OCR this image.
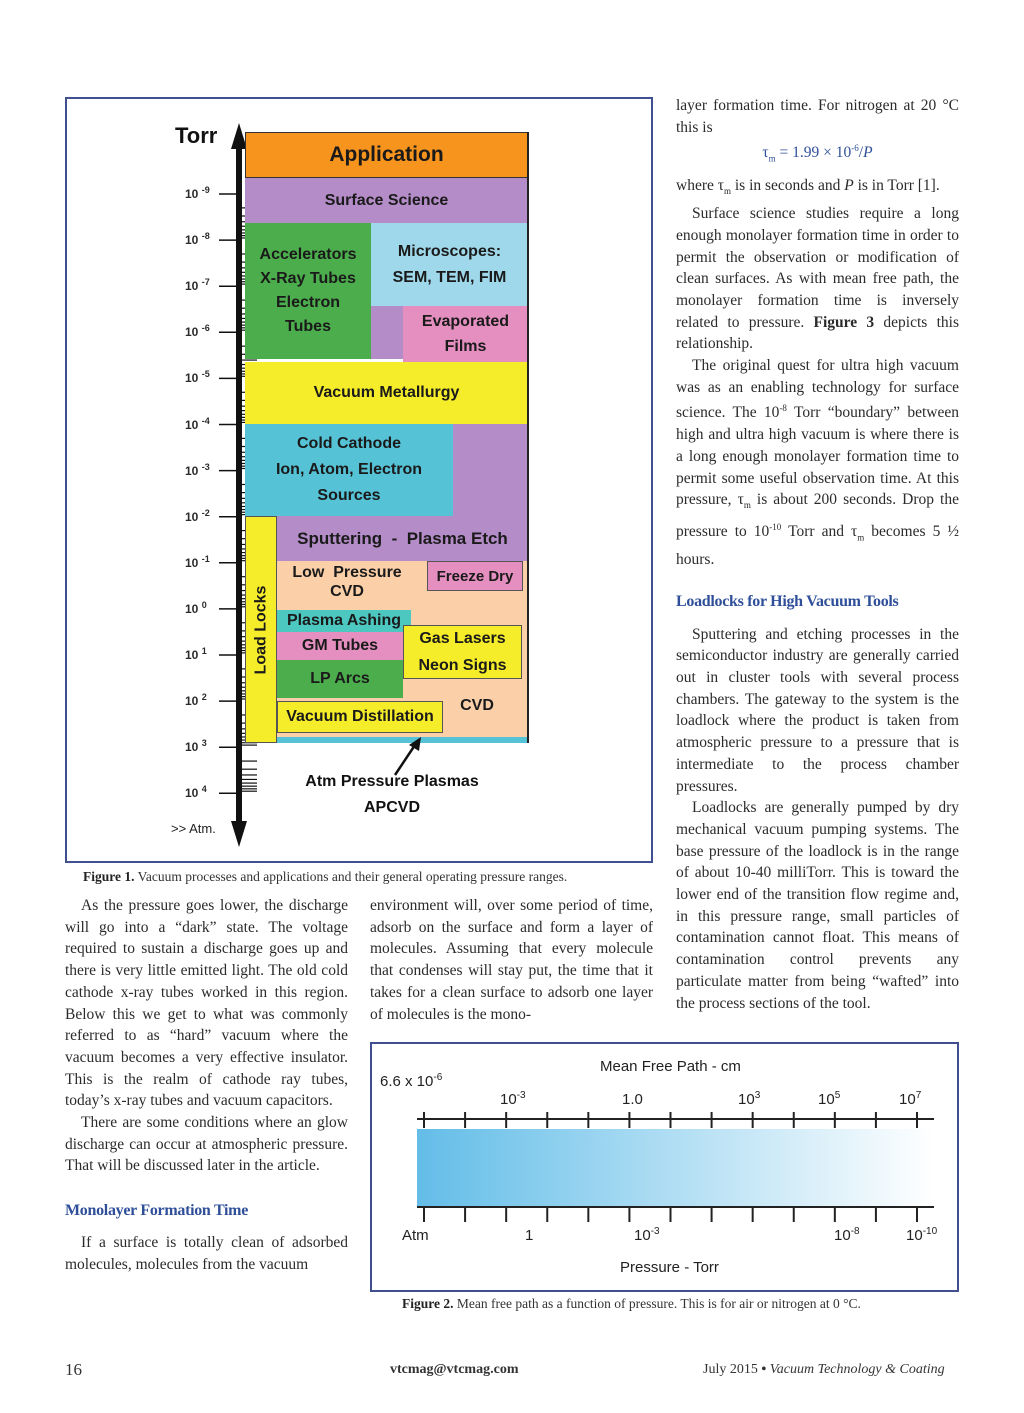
Torr
10 $^{-9}$
10 $^{-8}$
10 $^{-7}$
10 $^{-6}$
10 $^{-5}$
10 $^{-4}$
10 $^{-3}$
10 $^{-2}$
10 $^{-1}$
10 $^0$
10 $^1$
10 $^2$
10 $^3$
10 $^4$
>> Atm.
Application
Surface Science
Accelerators
X-Ray Tubes
Electron
Tubes
Microscopes:
SEM, TEM, FIM
Evaporated
Films
Vacuum Metallurgy
Cold Cathode
Ion, Atom, Electron
Sources
Sputtering  -  Plasma Etch
Low  Pressure
CVD
Freeze Dry
Plasma Ashing
GM Tubes	Gas Lasers
Neon Signs
LP Arcs
CVD
Vacuum Distillation
Load Locks
Atm Pressure Plasmas
APCVD
Figure 1. Vacuum processes and applications and their general operating pressure ranges.

As the pressure goes lower, the discharge will go into a “dark” state. The voltage required to sustain a discharge goes up and there is very little emitted light. The old cold cathode x-ray tubes worked in this region. Below this we get to what was commonly referred to as “hard” vacuum where the vacuum becomes a very effective insulator. This is the realm of cathode ray tubes, today’s x-ray tubes and vacuum capacitors.

There are some conditions where an glow discharge can occur at atmospheric pressure. That will be discussed later in the article.

Monolayer Formation Time

If a surface is totally clean of adsorbed molecules, molecules from the vacuum

environment will, over some period of time, adsorb on the surface and form a layer of molecules. Assuming that every molecule that condenses will stay put, the time that it takes for a clean surface to adsorb one layer of molecules is the mono-

layer formation time. For nitrogen at 20 °C this is

$\tau_m = 1.99 \times 10^{-6}/P$

where $\tau_m$ is in seconds and P is in Torr [1].

Surface science studies require a long enough monolayer formation time in order to permit the observation or modification of clean surfaces. As with mean free path, the monolayer formation time is inversely related to pressure. Figure 3 depicts this relationship.

The original quest for ultra high vacuum was as an enabling technology for surface science. The $10^{-8}$ Torr “boundary” between high and ultra high vacuum is where there is a long enough monolayer formation time to permit some useful observation time. At this pressure, $\tau_m$ is about 200 seconds. Drop the pressure to $10^{-10}$ Torr and $\tau_m$ becomes 5 ½ hours.

Loadlocks for High Vacuum Tools

Sputtering and etching processes in the semiconductor industry are generally carried out in cluster tools with several process chambers. The gateway to the system is the loadlock where the product is taken from atmospheric pressure to a pressure that is intermediate to the process chamber pressures.

Loadlocks are generally pumped by dry mechanical vacuum pumping systems. The base pressure of the loadlock is in the range of about 10-40 milliTorr. This is toward the lower end of the transition flow regime and, in this pressure range, small particles of contamination cannot float. This means of contamination control prevents any particulate matter from being “wafted” into the process sections of the tool.

Mean Free Path - cm
6.6 x $10^{-6}$
$10^{-3}$	1.0	$10^3$	$10^5$	$10^7$
Atm	1	$10^{-3}$	$10^{-8}$	$10^{-10}$
Pressure - Torr
Figure 2. Mean free path as a function of pressure. This is for air or nitrogen at 0 °C.
16	vtcmag@vtcmag.com	July 2015 • Vacuum Technology & Coating
